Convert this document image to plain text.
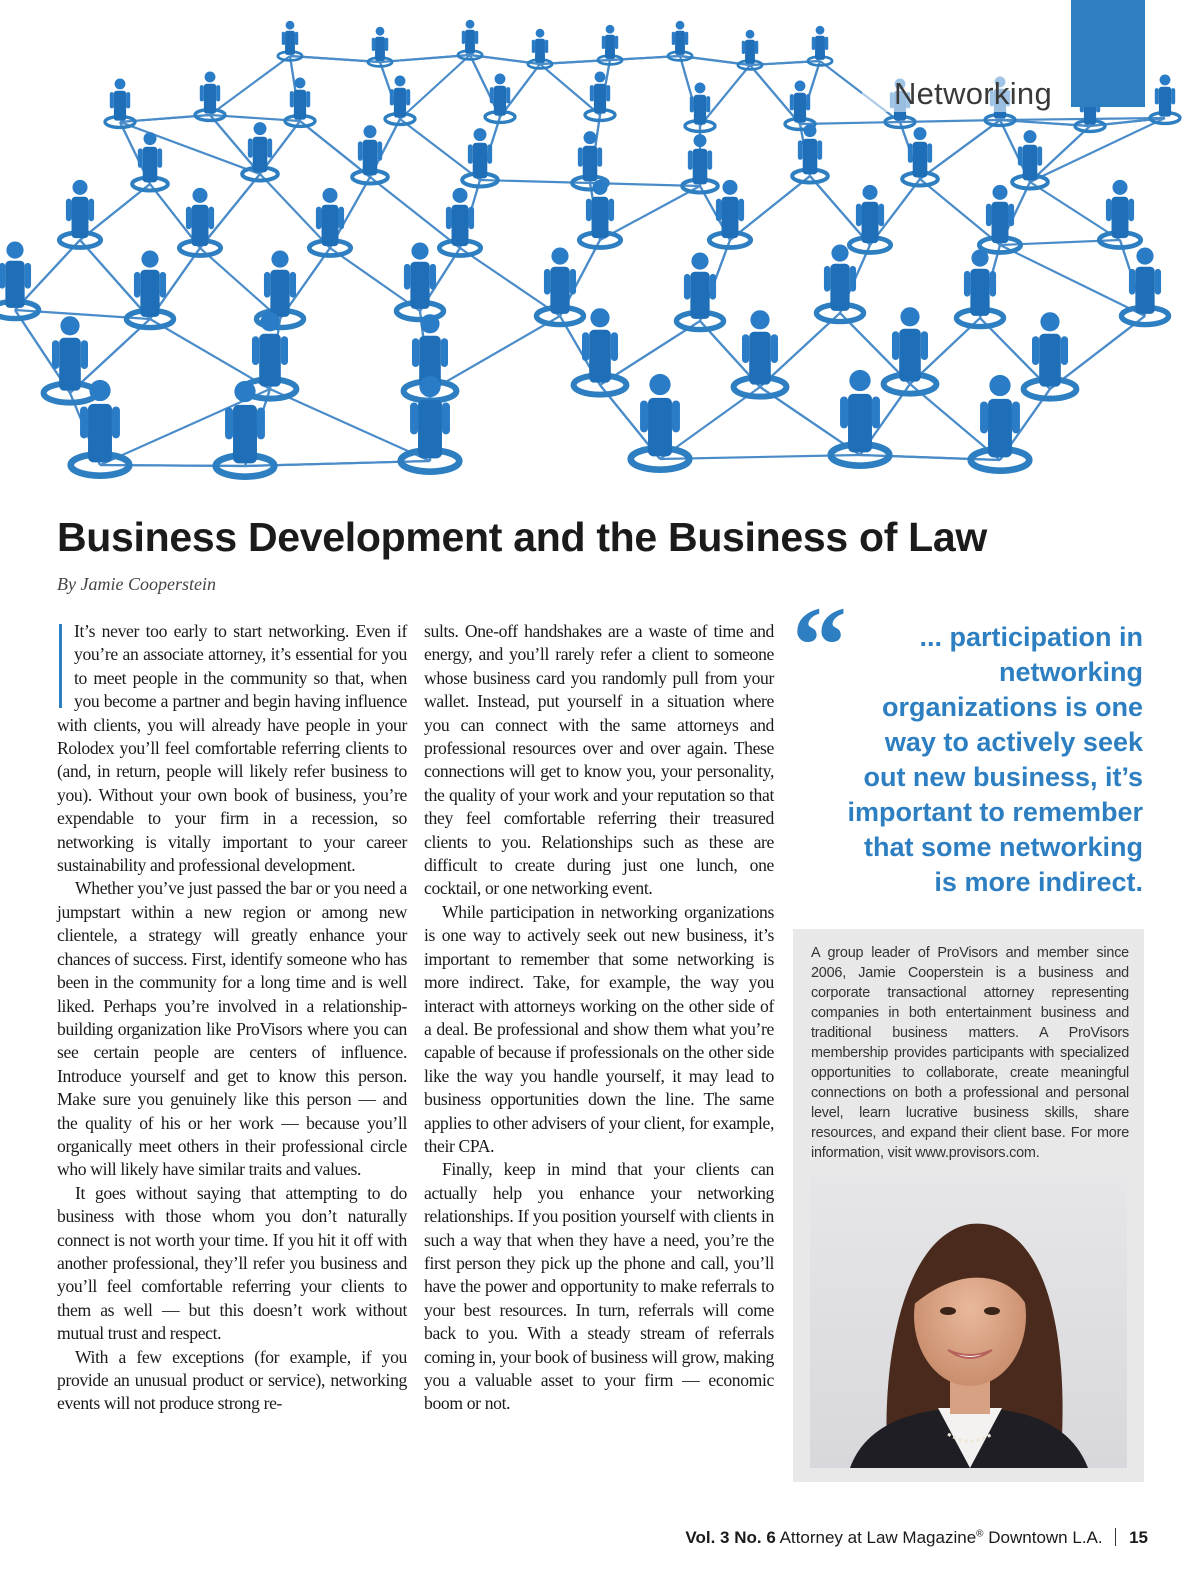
Networking
Business Development and the Business of Law

By Jamie Cooperstein

It’s never too early to start networking. Even if you’re an associate attorney, it’s essential for you to meet people in the community so that, when you become a partner and begin having influence with clients, you will already have people in your Rolodex you’ll feel comfortable referring clients to (and, in return, people will likely refer business to you). Without your own book of business, you’re expendable to your firm in a recession, so networking is vitally important to your career sustainability and professional development.

Whether you’ve just passed the bar or you need a jumpstart within a new region or among new clientele, a strategy will greatly enhance your chances of success. First, identify someone who has been in the community for a long time and is well liked. Perhaps you’re involved in a relationship-building organization like ProVisors where you can see certain people are centers of influence. Introduce yourself and get to know this person. Make sure you genuinely like this person — and the quality of his or her work — because you’ll organically meet others in their professional circle who will likely have similar traits and values.

It goes without saying that attempting to do business with those whom you don’t naturally connect is not worth your time. If you hit it off with another professional, they’ll refer you business and you’ll feel comfortable referring your clients to them as well — but this doesn’t work without mutual trust and respect.

With a few exceptions (for example, if you provide an unusual product or service), networking events will not produce strong re-

sults. One-off handshakes are a waste of time and energy, and you’ll rarely refer a client to someone whose business card you randomly pull from your wallet. Instead, put yourself in a situation where you can connect with the same attorneys and professional resources over and over again. These connections will get to know you, your personality, the quality of your work and your reputation so that they feel comfortable referring their treasured clients to you. Relationships such as these are difficult to create during just one lunch, one cocktail, or one networking event.

While participation in networking organizations is one way to actively seek out new business, it’s important to remember that some networking is more indirect. Take, for example, the way you interact with attorneys working on the other side of a deal. Be professional and show them what you’re capable of because if professionals on the other side like the way you handle yourself, it may lead to business opportunities down the line. The same applies to other advisers of your client, for example, their CPA.

Finally, keep in mind that your clients can actually help you enhance your networking relationships. If you position yourself with clients in such a way that when they have a need, you’re the first person they pick up the phone and call, you’ll have the power and opportunity to make referrals to your best resources. In turn, referrals will come back to you. With a steady stream of referrals coming in, your book of business will grow, making you a valuable asset to your firm — economic boom or not.

“	... participation in networking organizations is one way to actively seek out new business, it’s important to remember that some networking is more indirect.

A group leader of ProVisors and member since 2006, Jamie Cooperstein is a business and corporate transactional attorney representing companies in both entertainment business and traditional business matters. A ProVisors membership provides participants with specialized opportunities to collaborate, create meaningful connections on both a professional and personal level, learn lucrative business skills, share resources, and expand their client base. For more information, visit www.provisors.com.

Vol. 3 No. 6 Attorney at Law Magazine® Downtown L.A. 15
